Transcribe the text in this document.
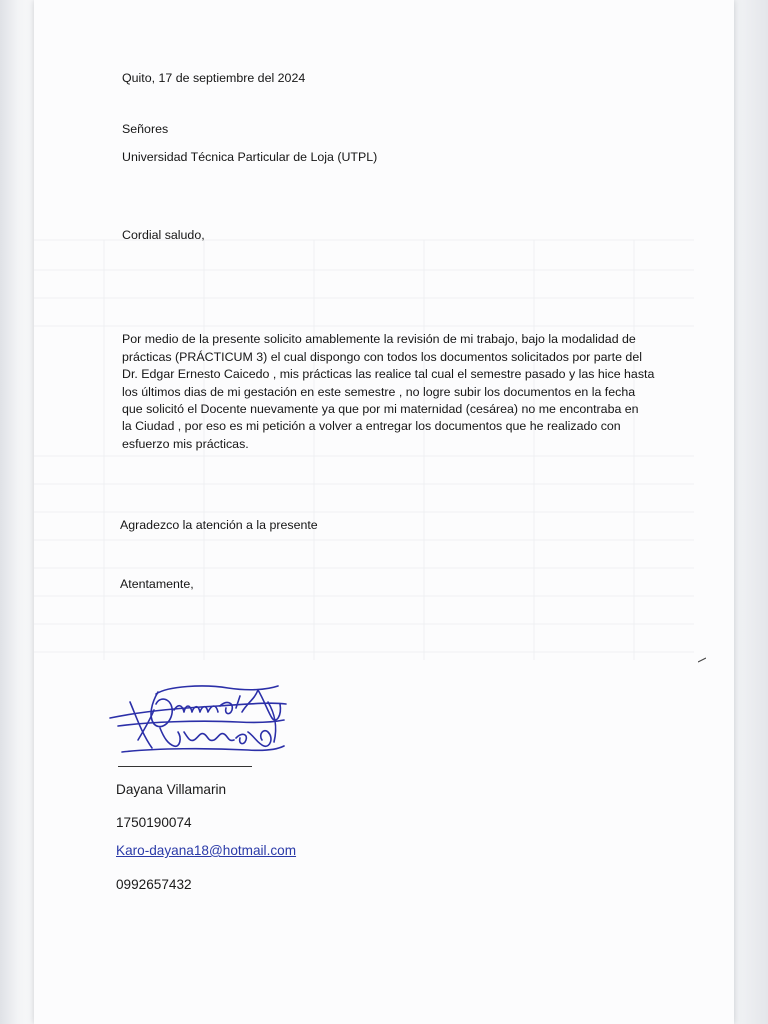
Quito, 17 de septiembre del 2024
Señores
Universidad Técnica Particular de Loja (UTPL)
Cordial saludo,
Por medio de la presente solicito amablemente la revisión de mi trabajo, bajo la modalidad de
prácticas (PRÁCTICUM 3) el cual dispongo con todos los documentos solicitados por parte del
Dr. Edgar Ernesto Caicedo , mis prácticas las realice tal cual el semestre pasado y las hice hasta
los últimos dias de mi gestación en este semestre , no logre subir los documentos en la fecha
que solicitó el Docente nuevamente ya que por mi maternidad (cesárea) no me encontraba en
la Ciudad , por eso es mi petición a volver a entregar los documentos que he realizado con
esfuerzo mis prácticas.
Agradezco la atención a la presente
Atentamente,
Dayana Villamarin
1750190074
Karo-dayana18@hotmail.com
0992657432
